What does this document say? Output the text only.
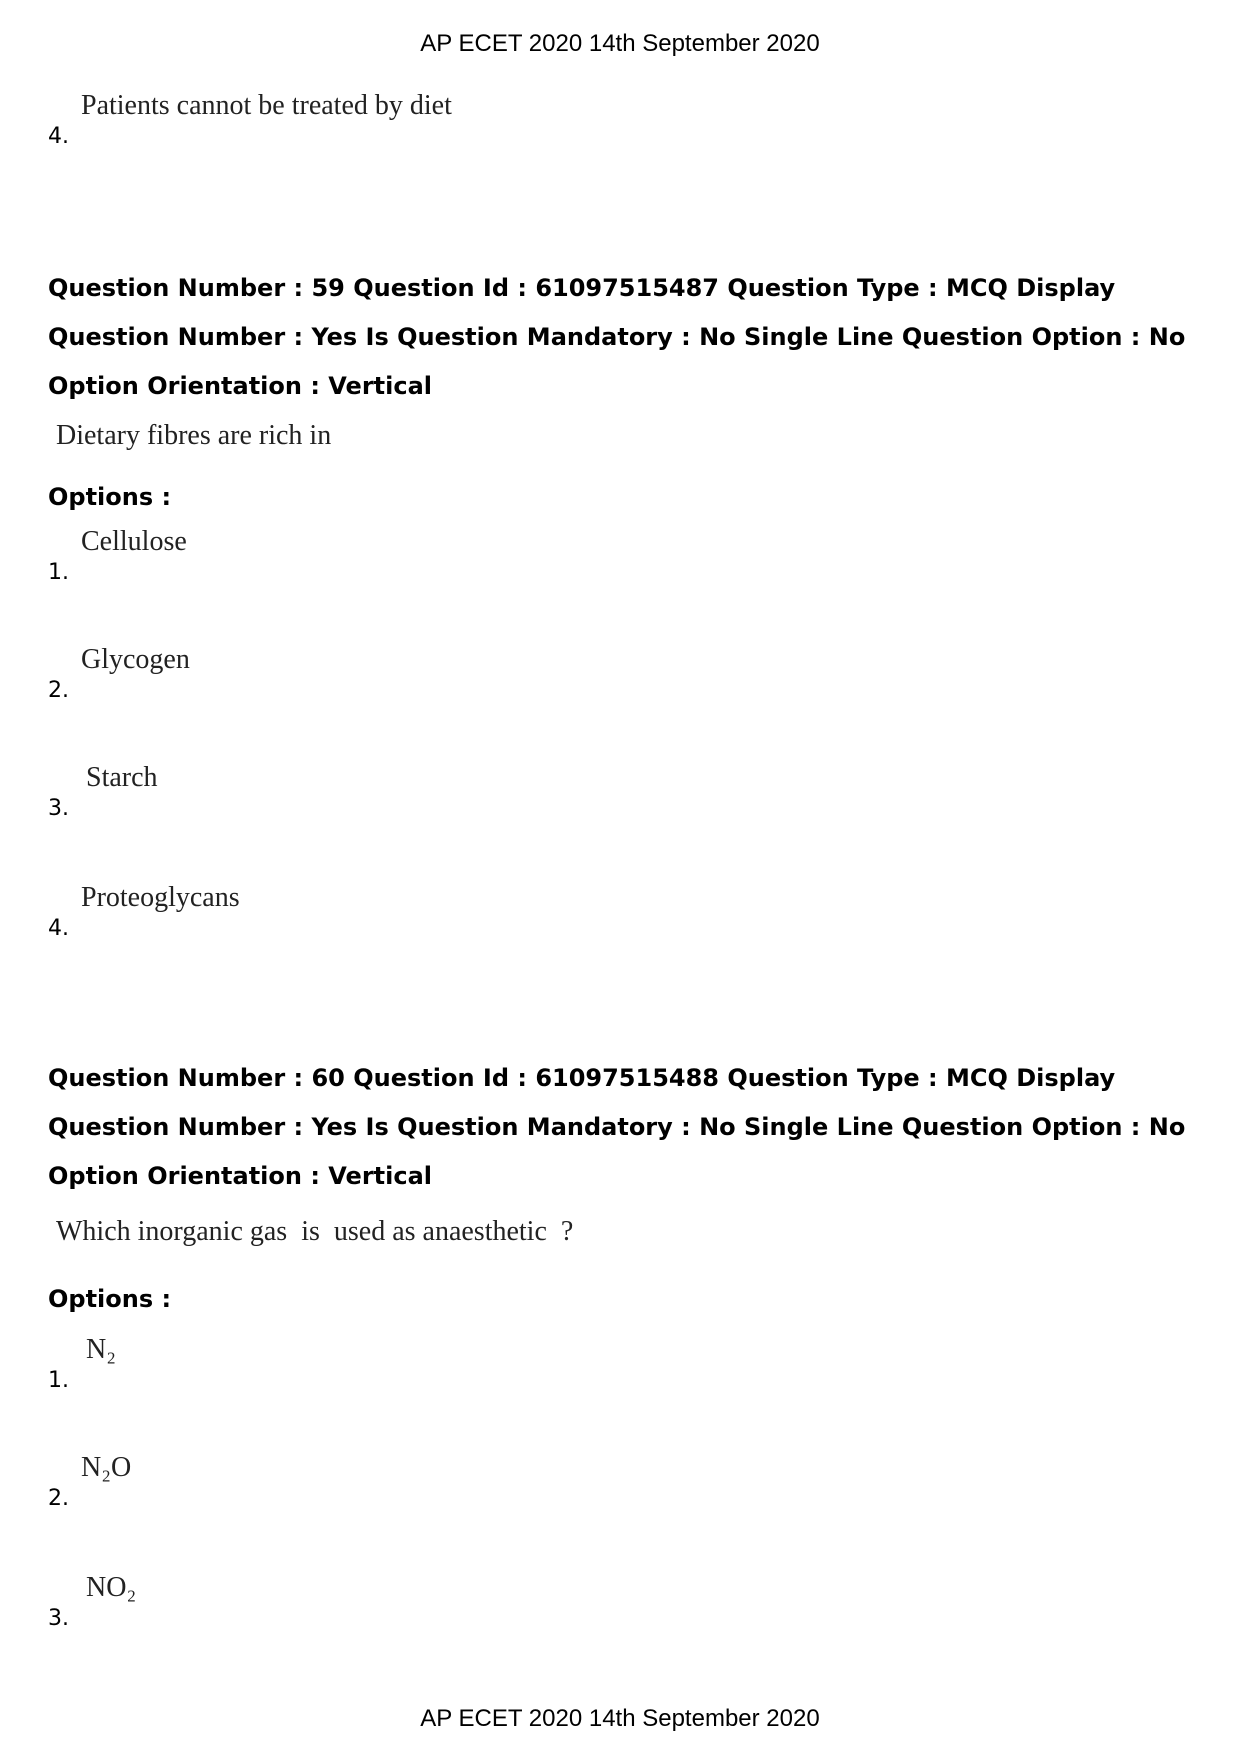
AP ECET 2020 14th September 2020
4.
Patients cannot be treated by diet
Question Number : 59 Question Id : 61097515487 Question Type : MCQ Display Question Number : Yes Is Question Mandatory : No Single Line Question Option : No Option Orientation : Vertical
Dietary fibres are rich in
Options :
1.
Cellulose
2.
Glycogen
3.
Starch
4.
Proteoglycans
Question Number : 60 Question Id : 61097515488 Question Type : MCQ Display Question Number : Yes Is Question Mandatory : No Single Line Question Option : No Option Orientation : Vertical
Which inorganic gas  is  used as anaesthetic  ?
Options :
1.
N₂
2.
N₂O
3.
NO₂
AP ECET 2020 14th September 2020
